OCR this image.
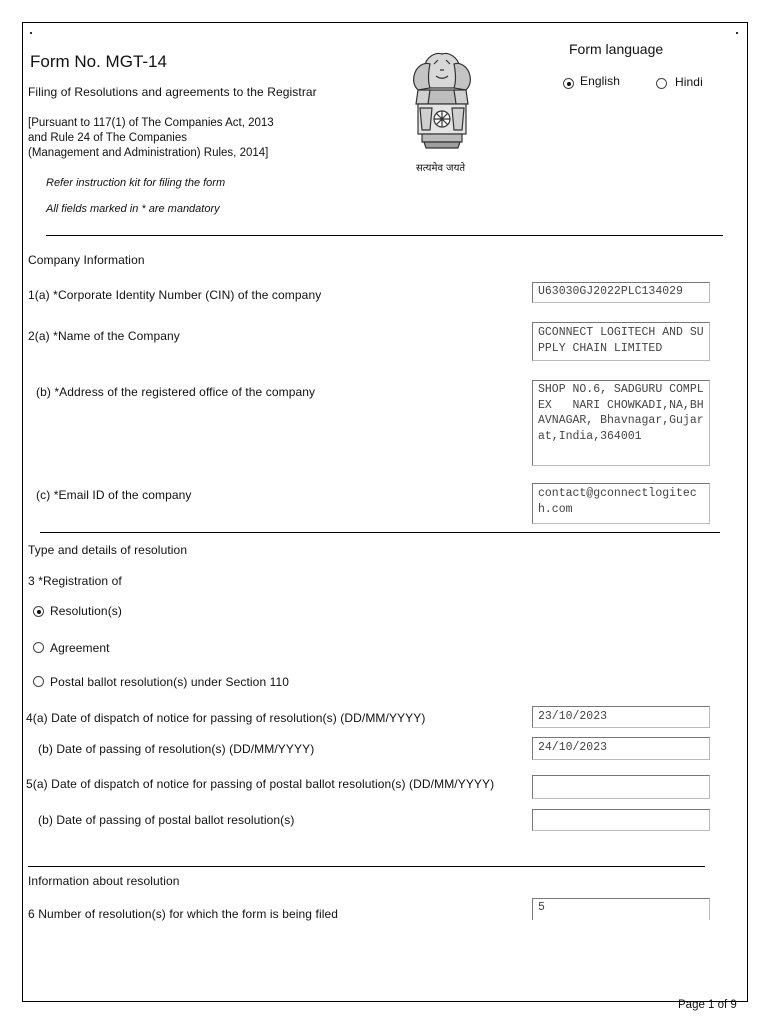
Form No. MGT-14
Filing of Resolutions and agreements to the Registrar
[Pursuant to 117(1) of The Companies Act, 2013
and Rule 24 of The Companies
(Management and Administration) Rules, 2014]
Refer instruction kit for filing the form
All fields marked in * are mandatory
सत्यमेव जयते
Form language
English	Hindi
Company Information
1(a) *Corporate Identity Number (CIN) of the company	U63030GJ2022PLC134029
2(a) *Name of the Company	GCONNECT LOGITECH AND SUPPLY CHAIN LIMITED
(b) *Address of the registered office of the company	SHOP NO.6, SADGURU COMPLEX   NARI CHOWKADI,NA,BHAVNAGAR, Bhavnagar,Gujarat,India,364001
(c) *Email ID of the company	contact@gconnectlogitech.com
Type and details of resolution
3 *Registration of
Resolution(s)
Agreement
Postal ballot resolution(s) under Section 110
4(a) Date of dispatch of notice for passing of resolution(s) (DD/MM/YYYY)	23/10/2023
(b) Date of passing of resolution(s) (DD/MM/YYYY)	24/10/2023
5(a) Date of dispatch of notice for passing of postal ballot resolution(s) (DD/MM/YYYY)
(b) Date of passing of postal ballot resolution(s)
Information about resolution
6 Number of resolution(s) for which the form is being filed	5
Page 1 of 9
